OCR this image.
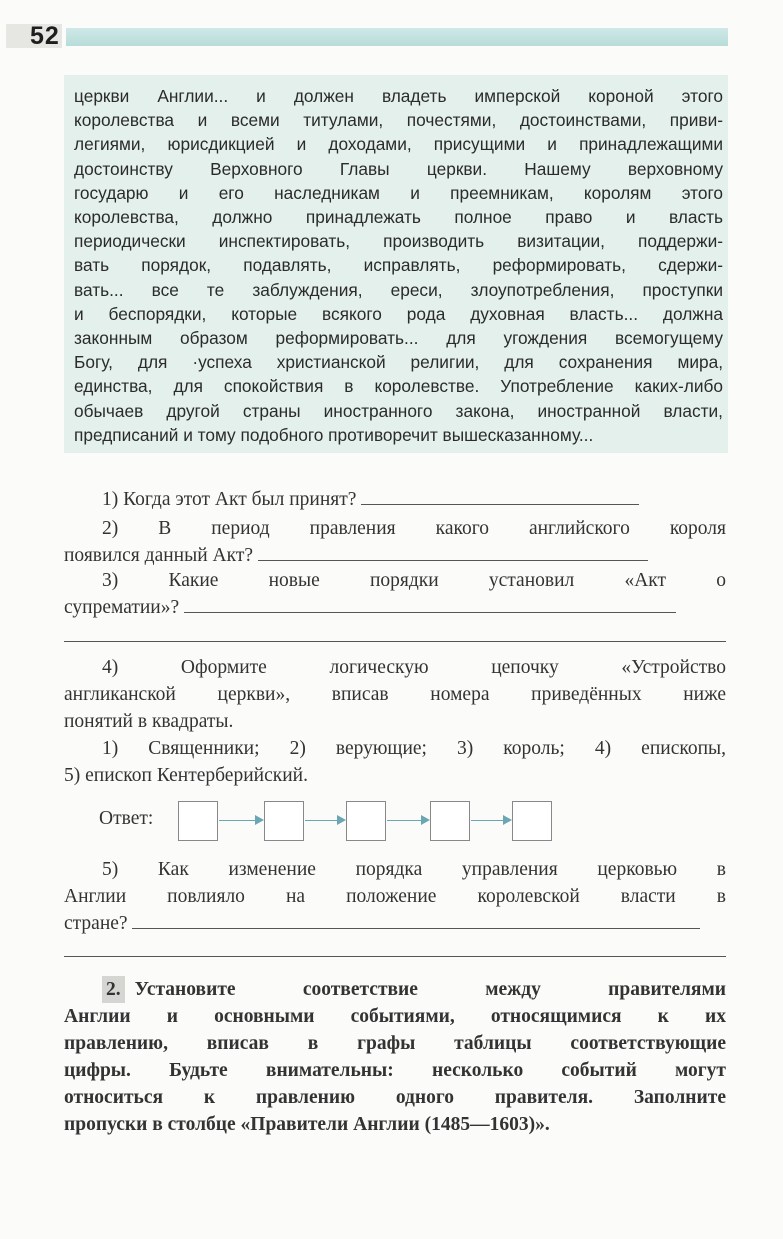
52
церкви Англии... и должен владеть имперской короной этого
королевства и всеми титулами, почестями, достоинствами, приви-
легиями, юрисдикцией и доходами, присущими и принадлежащими
достоинству Верховного Главы церкви. Нашему верховному
государю и его наследникам и преемникам, королям этого
королевства, должно принадлежать полное право и власть
периодически инспектировать, производить визитации, поддержи-
вать порядок, подавлять, исправлять, реформировать, сдержи-
вать... все те заблуждения, ереси, злоупотребления, проступки
и беспорядки, которые всякого рода духовная власть... должна
законным образом реформировать... для угождения всемогущему
Богу, для ·успеха христианской религии, для сохранения мира,
единства, для спокойствия в королевстве. Употребление каких-либо
обычаев другой страны иностранного закона, иностранной власти,
предписаний и тому подобного противоречит вышесказанному...
1) Когда этот Акт был принят?
2) В период правления какого английского короля
появился данный Акт?
3) Какие новые порядки установил «Акт о
супрематии»?
4) Оформите логическую цепочку «Устройство
англиканской церкви», вписав номера приведённых ниже
понятий в квадраты.
1) Священники; 2) верующие; 3) король; 4) епископы,
5) епископ Кентерберийский.
Ответ:
5) Как изменение порядка управления церковью в
Англии повлияло на положение королевской власти в
стране?
2. Установите соответствие между правителями
Англии и основными событиями, относящимися к их
правлению, вписав в графы таблицы соответствующие
цифры. Будьте внимательны: несколько событий могут
относиться к правлению одного правителя. Заполните
пропуски в столбце «Правители Англии (1485—1603)».
